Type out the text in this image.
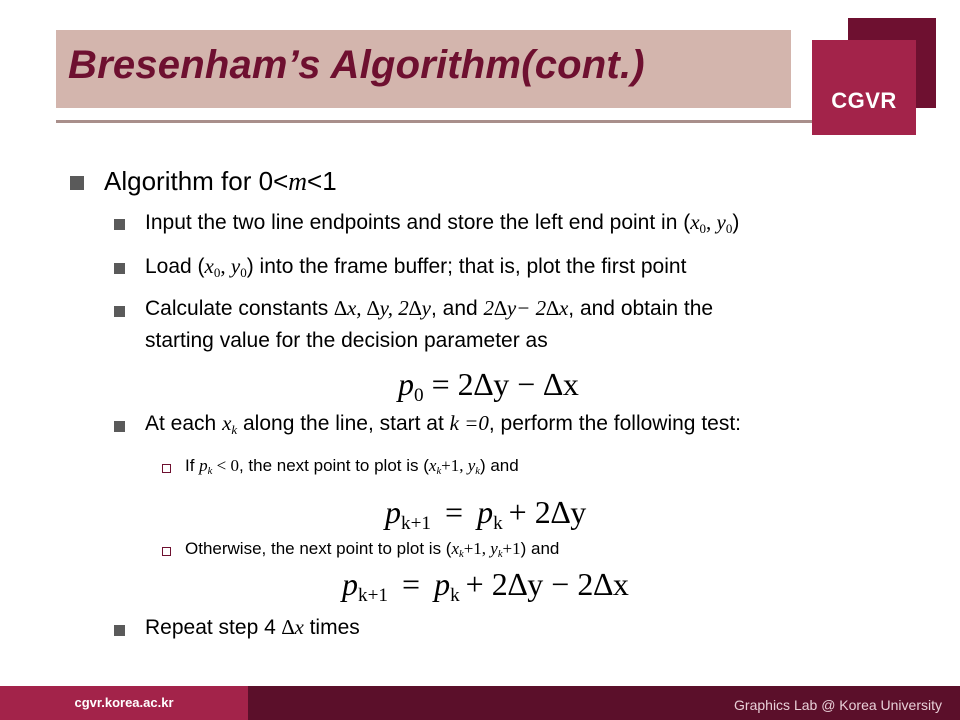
Bresenham’s Algorithm(cont.)
CGVR
Algorithm for 0<m<1
Input the two line endpoints and store the left end point in ($x_0$, $y_0$)
Load ($x_0$, $y_0$) into the frame buffer; that is, plot the first point
Calculate constants ∆x, ∆y, 2∆y, and 2∆y− 2∆x, and obtain the
starting value for the decision parameter as
$p_0 = 2\Delta y - \Delta x$
At each $x_k$ along the line, start at k =0, perform the following test:
If $p_k < 0$, the next point to plot is ($x_k+1$, $y_k$) and
$p_{k+1} = p_k + 2\Delta y$
Otherwise, the next point to plot is ($x_k+1$, $y_k+1$) and
$p_{k+1} = p_k + 2\Delta y - 2\Delta x$
Repeat step 4 ∆x times
cgvr.korea.ac.kr	Graphics Lab @ Korea University
